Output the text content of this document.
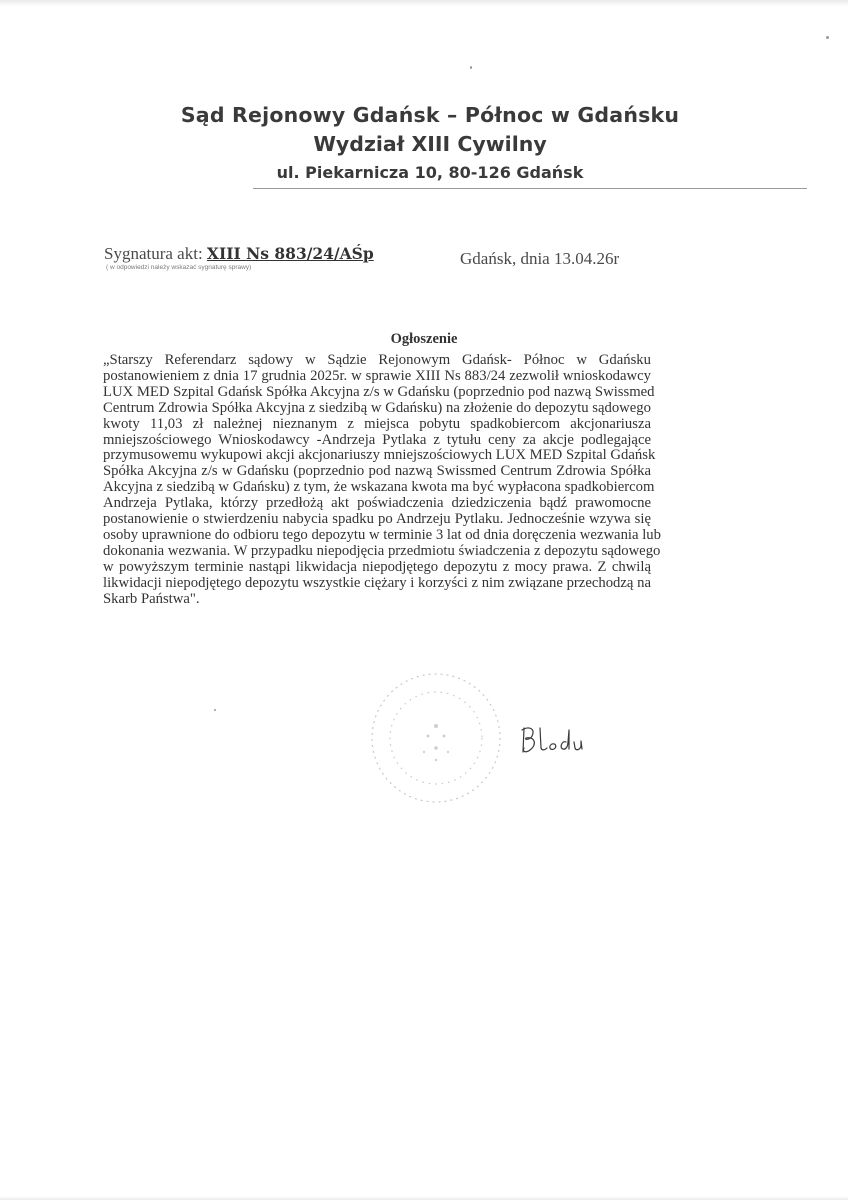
Sąd Rejonowy Gdańsk – Północ w Gdańsku
Wydział XIII Cywilny
ul. Piekarnicza 10, 80-126 Gdańsk
Sygnatura akt: XIII Ns 883/24/AŚp
( w odpowiedzi należy wskazać sygnaturę sprawy)	Gdańsk, dnia 13.04.26r
Ogłoszenie
„Starszy Referendarz sądowy w Sądzie Rejonowym Gdańsk- Północ w Gdańsku
postanowieniem z dnia 17 grudnia 2025r. w sprawie XIII Ns 883/24 zezwolił wnioskodawcy
LUX MED Szpital Gdańsk Spółka Akcyjna z/s w Gdańsku (poprzednio pod nazwą Swissmed
Centrum Zdrowia Spółka Akcyjna z siedzibą w Gdańsku) na złożenie do depozytu sądowego
kwoty 11,03 zł należnej nieznanym z miejsca pobytu spadkobiercom akcjonariusza
mniejszościowego Wnioskodawcy -Andrzeja Pytlaka z tytułu ceny za akcje podlegające
przymusowemu wykupowi akcji akcjonariuszy mniejszościowych LUX MED Szpital Gdańsk
Spółka Akcyjna z/s w Gdańsku (poprzednio pod nazwą Swissmed Centrum Zdrowia Spółka
Akcyjna z siedzibą w Gdańsku) z tym, że wskazana kwota ma być wypłacona spadkobiercom
Andrzeja Pytlaka, którzy przedłożą akt poświadczenia dziedziczenia bądź prawomocne
postanowienie o stwierdzeniu nabycia spadku po Andrzeju Pytlaku. Jednocześnie wzywa się
osoby uprawnione do odbioru tego depozytu w terminie 3 lat od dnia doręczenia wezwania lub
dokonania wezwania. W przypadku niepodjęcia przedmiotu świadczenia z depozytu sądowego
w powyższym terminie nastąpi likwidacja niepodjętego depozytu z mocy prawa. Z chwilą
likwidacji niepodjętego depozytu wszystkie ciężary i korzyści z nim związane przechodzą na
Skarb Państwa".
